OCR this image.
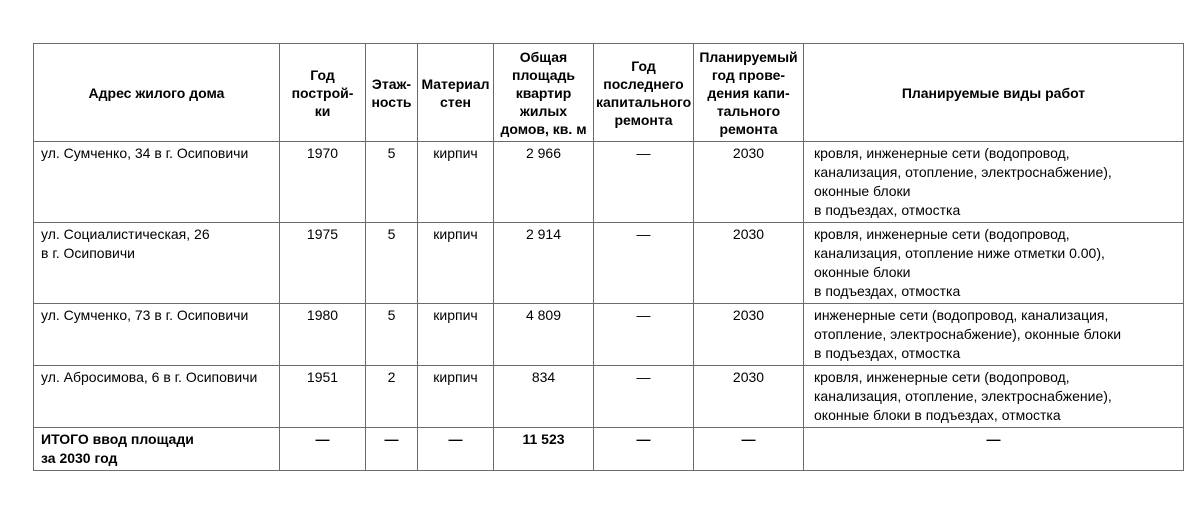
Адрес жилого дома	Год
построй-
ки	Этаж-
ность	Материал
стен	Общая
площадь
квартир
жилых
домов, кв. м	Год
последнего
капитального
ремонта	Планируемый
год прове-
дения капи-
тального
ремонта	Планируемые виды работ
ул. Сумченко, 34 в г. Осиповичи	1970	5	кирпич	2 966	—	2030	кровля, инженерные сети (водопровод,
канализация, отопление, электроснабжение),
оконные блоки
в подъездах, отмостка
ул. Социалистическая, 26
в г. Осиповичи	1975	5	кирпич	2 914	—	2030	кровля, инженерные сети (водопровод,
канализация, отопление ниже отметки 0.00),
оконные блоки
в подъездах, отмостка
ул. Сумченко, 73 в г. Осиповичи	1980	5	кирпич	4 809	—	2030	инженерные сети (водопровод, канализация,
отопление, электроснабжение), оконные блоки
в подъездах, отмостка
ул. Абросимова, 6 в г. Осиповичи	1951	2	кирпич	834	—	2030	кровля, инженерные сети (водопровод,
канализация, отопление, электроснабжение),
оконные блоки в подъездах, отмостка
ИТОГО ввод площади
за 2030 год	—	—	—	11 523	—	—	—
